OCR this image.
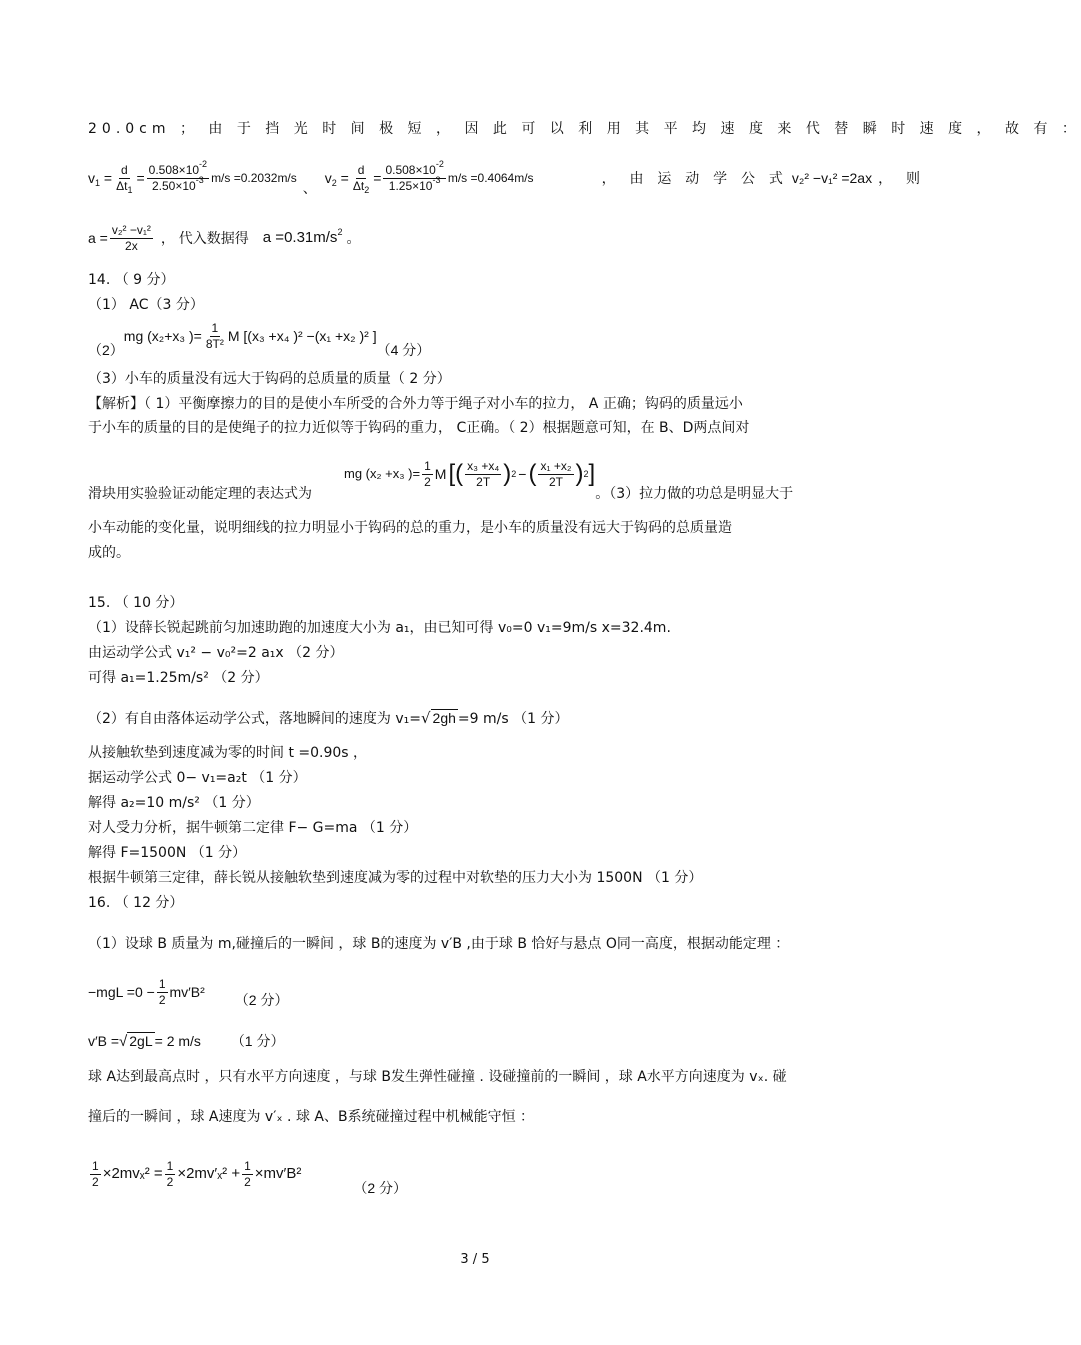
20.0cm ； 由 于 挡 光 时 间 极 短 ， 因 此 可 以 利 用 其 平 均 速 度 来 代 替 瞬 时 速 度 ， 故 有 ：
$v_1 = \frac{d}{\Delta t_1} = \frac{0.508\times 10^{-2}}{2.50\times 10^{-3}} m/s =0.2032m/s$
、
$v_2 = \frac{d}{\Delta t_2} = \frac{0.508\times 10^{-2}}{1.25\times 10^{-3}} m/s =0.4064m/s$	， 由 运 动 学 公 式 v₂² −v₁² =2ax ， 则
$a = \frac{\text{v₂² −v₁²}}{2x}$ ， 代入数据得 $a =0.31m/s^2$ 。
14. （ 9 分）
（1） AC（3 分）
（2）
mg (x₂+x₃ )= $\frac{1}{\text{8T²}}$ M [(x₃ +x₄ )² −(x₁ +x₂ )² ]
（4 分）
（3）小车的质量没有远大于钩码的总质量的质量（ 2 分）
【解析】（ 1）平衡摩擦力的目的是使小车所受的合外力等于绳子对小车的拉力， A 正确；钩码的质量远小
于小车的质量的目的是使绳子的拉力近似等于钩码的重力， C正确。（ 2）根据题意可知，在 B、D两点间对
滑块用实验验证动能定理的表达式为
mg (x₂ +x₃ )= $\frac{1}{2}$ M [( $\frac{\text{x₃ +x₄}}{2T}$ ) 2 − ( $\frac{\text{x₁ +x₂}}{2T}$ ) 2 ]
。（3）拉力做的功总是明显大于
小车动能的变化量，说明细线的拉力明显小于钩码的总的重力，是小车的质量没有远大于钩码的总质量造
成的。
15. （ 10 分）
（1）设薛长锐起跳前匀加速助跑的加速度大小为 a₁，由已知可得 v₀=0 v₁=9m/s x=32.4m.
由运动学公式 v₁² − v₀²=2 a₁x （2 分）
可得 a₁=1.25m/s² （2 分）
（2）有自由落体运动学公式，落地瞬间的速度为 v₁=√ 2gh =9 m/s （1 分）
从接触软垫到速度减为零的时间 t =0.90s ，
据运动学公式 0− v₁=a₂t （1 分）
解得 a₂=10 m/s² （1 分）
对人受力分析，据牛顿第二定律 F− G=ma （1 分）
解得 F=1500N （1 分）
根据牛顿第三定律，薛长锐从接触软垫到速度减为零的过程中对软垫的压力大小为 1500N （1 分）
16. （ 12 分）
（1）设球 B 质量为 m,碰撞后的一瞬间 ，球 B的速度为 v′B ,由于球 B 恰好与悬点 O同一高度，根据动能定理 ：
$-mgL =0 - \frac{1}{2} mv'B^2$ （2 分）
v′B =√ 2gL = 2 m/s （1 分）
球 A达到最高点时 ，只有水平方向速度 ，与球 B发生弹性碰撞 . 设碰撞前的一瞬间 ，球 A水平方向速度为 vₓ. 碰
撞后的一瞬间 ，球 A速度为 v′ₓ . 球 A、B系统碰撞过程中机械能守恒 ：
$\frac{1}{2} \times 2mv_x^2 = \frac{1}{2} \times 2mv'_x^2 + \frac{1}{2} \times mv'B^2$
（2 分）
3 / 5
